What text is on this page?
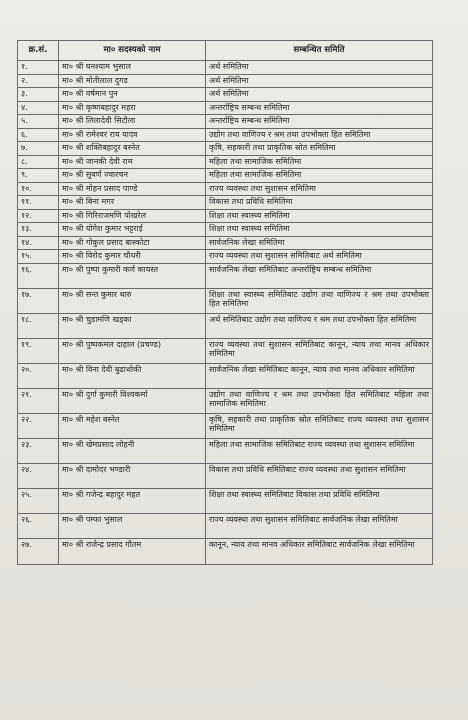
क्र.सं.	मा० सदस्यको नाम	सम्बन्धित समिति
१.	मा० श्री घनश्याम भुसाल	अर्थ समितिमा
२.	मा० श्री मोतीलाल दुगड	अर्थ समितिमा
३.	मा० श्री वर्षमान पुन	अर्थ समितिमा
४.	मा० श्री कृष्णबहादुर महरा	अन्तर्राष्ट्रिय सम्बन्ध समितिमा
५.	मा० श्री लिलादेवी सिटौला	अन्तर्राष्ट्रिय सम्बन्ध समितिमा
६.	मा० श्री रामेश्वर राय यादव	उद्योग तथा वाणिज्य र श्रम तथा उपभोक्ता हित समितिमा
७.	मा० श्री शक्तिबहादुर बस्नेत	कृषि, सहकारी तथा प्राकृतिक स्रोत समितिमा
८.	मा० श्री जानकी देवी राम	महिला तथा सामाजिक समितिमा
९.	मा० श्री सुवर्ण ज्वारचन	महिला तथा सामाजिक समितिमा
१०.	मा० श्री मोहन प्रसाद पाण्डे	राज्य व्यवस्था तथा सुशासन समितिमा
११.	मा० श्री बिना मगर	विकास तथा प्रविधि समितिमा
१२.	मा० श्री गिरिराजमणि पोखरेल	शिक्षा तथा स्वास्थ्य समितिमा
१३.	मा० श्री योगेश कुमार भट्टराई	शिक्षा तथा स्वास्थ्य समितिमा
१४.	मा० श्री गोकुल प्रसाद बास्कोटा	सार्वजनिक लेखा समितिमा
१५.	मा० श्री विरोद कुमार चौधरी	राज्य व्यवस्था तथा सुशासन समितिबाट अर्थ समितिमा
१६.	मा० श्री पुष्पा कुमारी कर्ण कायस्त	सार्वजनिक लेखा समितिबाट अन्तर्राष्ट्रिय सम्बन्ध समितिमा
१७.	मा० श्री सन्त कुमार थारु	शिक्षा तथा स्वास्थ्य समितिबाट उद्योग तथा वाणिज्य र श्रम तथा उपभोक्ता हित समितिमा
१८.	मा० श्री चुडामणि खड्का	अर्थ समितिबाट उद्योग तथा वाणिज्य र श्रम तथा उपभोक्ता हित समितिमा
१९.	मा० श्री पुष्पकमल दाहाल (प्रचण्ड)	राज्य व्यवस्था तथा सुशासन समितिबाट कानून, न्याय तथा मानव अधिकार समितिमा
२०.	मा० श्री विना देवी बुढाथोकी	सार्वजनिक लेखा समितिबाट कानून, न्याय तथा मानव अधिकार समितिमा
२१.	मा० श्री दुर्गा कुमारी विश्वकर्मा	उद्योग तथा वाणिज्य र श्रम तथा उपभोक्ता हित समितिबाट महिला तथा सामाजिक समितिमा
२२.	मा० श्री महेश बस्नेत	कृषि, सहकारी तथा प्राकृतिक स्रोत समितिबाट राज्य व्यवस्था तथा सुशासन समितिमा
२३.	मा० श्री खेमप्रसाद लोहनी	महिला तथा सामाजिक समितिबाट राज्य व्यवस्था तथा सुशासन समितिमा
२४.	मा० श्री दामोदर भण्डारी	विकास तथा प्रविधि समितिबाट राज्य व्यवस्था तथा सुशासन समितिमा
२५.	मा० श्री गजेन्द्र बहादुर महत	शिक्षा तथा स्वास्थ्य समितिबाट विकास तथा प्रविधि समितिमा
२६.	मा० श्री पम्फा भुसाल	राज्य व्यवस्था तथा सुशासन समितिबाट सार्वजनिक लेखा समितिमा
२७.	मा० श्री राजेन्द्र प्रसाद गौतम	कानून, न्याय तथा मानव अधिकार समितिबाट सार्वजनिक लेखा समितिमा
